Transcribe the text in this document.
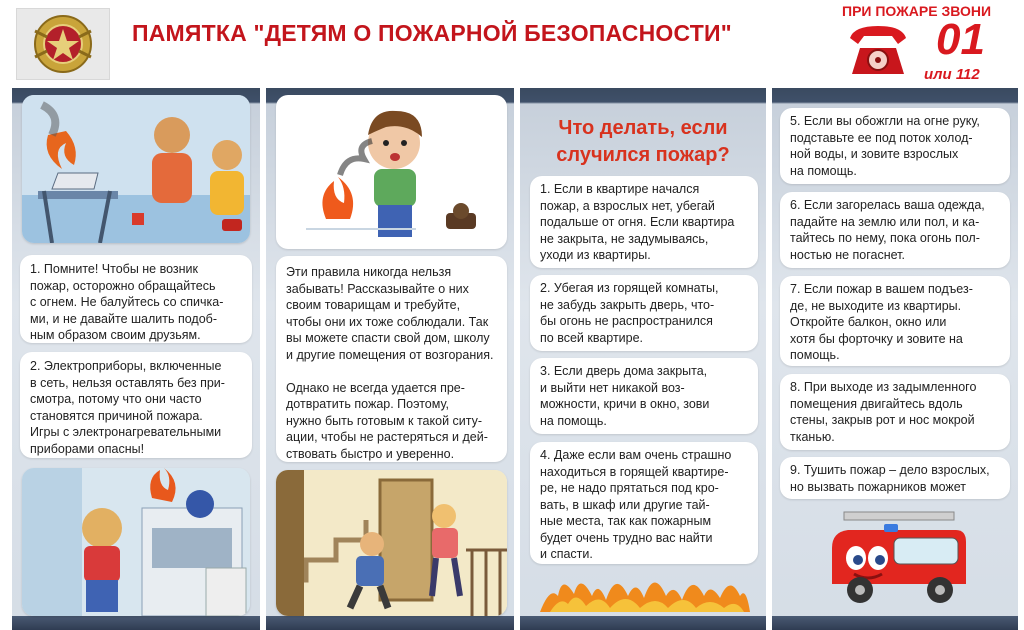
ПАМЯТКА "ДЕТЯМ О ПОЖАРНОЙ БЕЗОПАСНОСТИ"
ПРИ ПОЖАРЕ ЗВОНИ
01
или 112
1. Помните! Чтобы не возник
пожар, осторожно обращайтесь
с огнем. Не балуйтесь со спичка-
ми, и не давайте шалить подоб-
ным образом своим друзьям.
2. Электроприборы, включенные
в сеть, нельзя оставлять без при-
смотра, потому что они часто
становятся причиной пожара.
Игры с электронагревательными
приборами опасны!
Эти правила никогда нельзя
забывать! Рассказывайте о них
своим товарищам и требуйте,
чтобы они их тоже соблюдали. Так
вы можете спасти свой дом, школу
и другие помещения от возгорания.

Однако не всегда удается пре-
дотвратить пожар. Поэтому,
нужно быть готовым к такой ситу-
ации, чтобы не растеряться и дей-
ствовать быстро и уверенно.
Что делать, если
случился пожар?
1. Если в квартире начался
пожар, а взрослых нет, убегай
подальше от огня. Если квартира
не закрыта, не задумываясь,
уходи из квартиры.
2. Убегая из горящей комнаты,
не забудь закрыть дверь, что-
бы огонь не распространился
по всей квартире.
3. Если дверь дома закрыта,
и выйти нет никакой воз-
можности, кричи в окно, зови
на помощь.
4. Даже если вам очень страшно
находиться в горящей квартире-
ре, не надо прятаться под кро-
вать, в шкаф или другие тай-
ные места, так как пожарным
будет очень трудно вас найти
и спасти.
5. Если вы обожгли на огне руку,
подставьте ее под поток холод-
ной воды, и зовите взрослых
на помощь.
6. Если загорелась ваша одежда,
падайте на землю или пол, и ка-
тайтесь по нему, пока огонь пол-
ностью не погаснет.
7. Если пожар в вашем подъез-
де, не выходите из квартиры.
Откройте балкон, окно или
хотя бы форточку и зовите на
помощь.
8. При выходе из задымленного
помещения двигайтесь вдоль
стены, закрыв рот и нос мокрой
тканью.
9. Тушить пожар – дело взрослых,
но вызвать пожарников может
